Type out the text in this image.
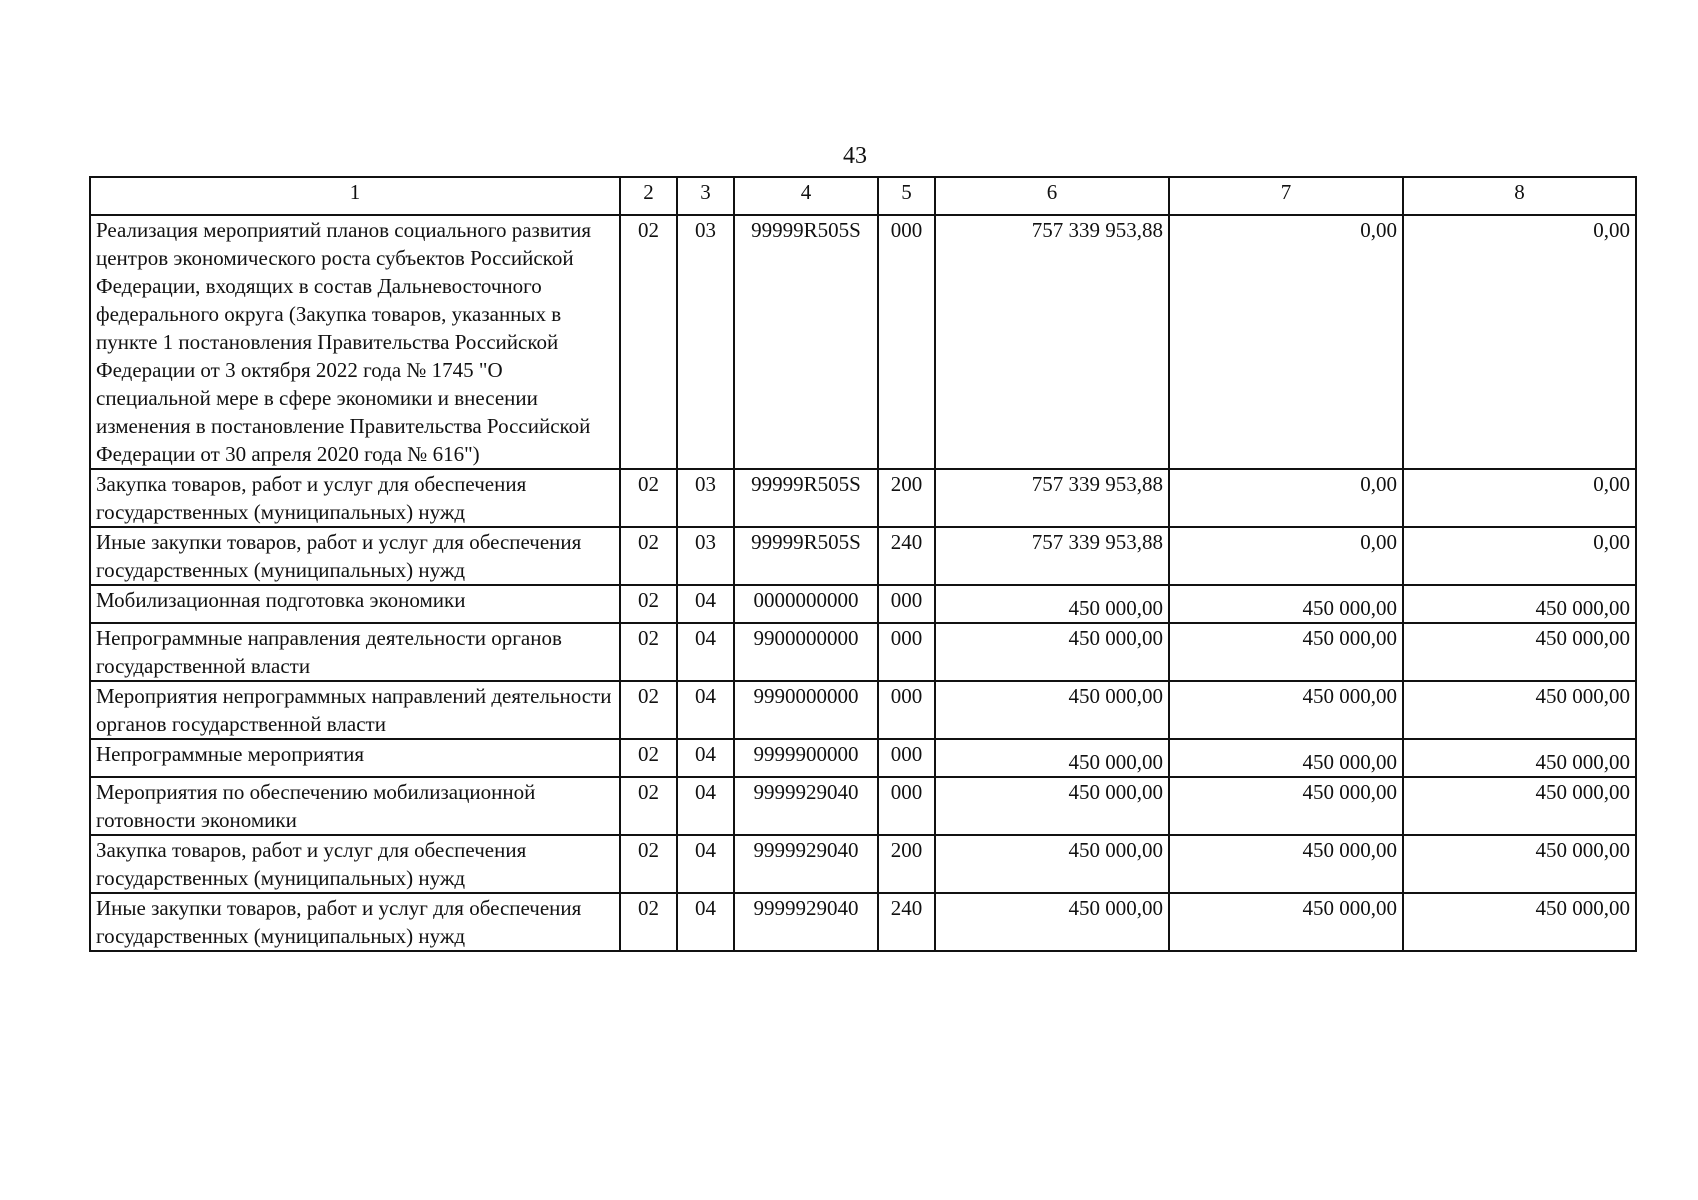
43
1	2	3	4	5	6	7	8
Реализация мероприятий планов социального развития центров экономического роста субъектов Российской Федерации, входящих в состав Дальневосточного федерального округа (Закупка товаров, указанных в пункте 1 постановления Правительства Российской Федерации от 3 октября 2022 года № 1745 "О специальной мере в сфере экономики и внесении изменения в постановление Правительства Российской Федерации от 30 апреля 2020 года № 616")	02	03	99999R505S	000	757 339 953,88	0,00	0,00
Закупка товаров, работ и услуг для обеспечения государственных (муниципальных) нужд	02	03	99999R505S	200	757 339 953,88	0,00	0,00
Иные закупки товаров, работ и услуг для обеспечения государственных (муниципальных) нужд	02	03	99999R505S	240	757 339 953,88	0,00	0,00
Мобилизационная подготовка экономики	02	04	0000000000	000	450 000,00	450 000,00	450 000,00
Непрограммные направления деятельности органов государственной власти	02	04	9900000000	000	450 000,00	450 000,00	450 000,00
Мероприятия непрограммных направлений деятельности органов государственной власти	02	04	9990000000	000	450 000,00	450 000,00	450 000,00
Непрограммные мероприятия	02	04	9999900000	000	450 000,00	450 000,00	450 000,00
Мероприятия по обеспечению мобилизационной готовности экономики	02	04	9999929040	000	450 000,00	450 000,00	450 000,00
Закупка товаров, работ и услуг для обеспечения государственных (муниципальных) нужд	02	04	9999929040	200	450 000,00	450 000,00	450 000,00
Иные закупки товаров, работ и услуг для обеспечения государственных (муниципальных) нужд	02	04	9999929040	240	450 000,00	450 000,00	450 000,00
